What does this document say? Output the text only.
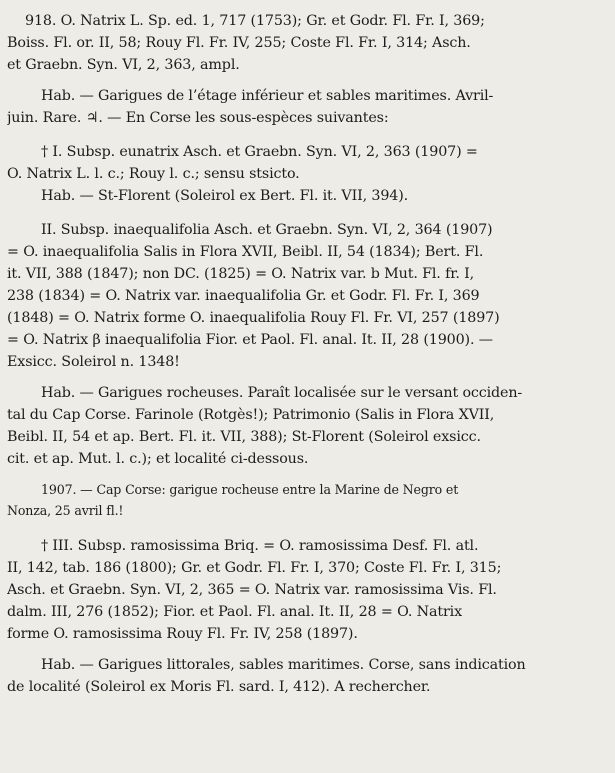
918. O. Natrix L. Sp. ed. 1, 717 (1753); Gr. et Godr. Fl. Fr. I, 369;

Boiss. Fl. or. II, 58; Rouy Fl. Fr. IV, 255; Coste Fl. Fr. I, 314; Asch.

et Graebn. Syn. VI, 2, 363, ampl.

Hab. — Garigues de l’étage inférieur et sables maritimes. Avril-

juin. Rare. ♃. — En Corse les sous-espèces suivantes:

† I. Subsp. eunatrix Asch. et Graebn. Syn. VI, 2, 363 (1907) =

O. Natrix L. l. c.; Rouy l. c.; sensu stsicto.

Hab. — St-Florent (Soleirol ex Bert. Fl. it. VII, 394).

II. Subsp. inaequalifolia Asch. et Graebn. Syn. VI, 2, 364 (1907)

= O. inaequalifolia Salis in Flora XVII, Beibl. II, 54 (1834); Bert. Fl.

it. VII, 388 (1847); non DC. (1825) = O. Natrix var. b Mut. Fl. fr. I,

238 (1834) = O. Natrix var. inaequalifolia Gr. et Godr. Fl. Fr. I, 369

(1848) = O. Natrix forme O. inaequalifolia Rouy Fl. Fr. VI, 257 (1897)

= O. Natrix β inaequalifolia Fior. et Paol. Fl. anal. It. II, 28 (1900). —

Exsicc. Soleirol n. 1348!

Hab. — Garigues rocheuses. Paraît localisée sur le versant occiden-

tal du Cap Corse. Farinole (Rotgès!); Patrimonio (Salis in Flora XVII,

Beibl. II, 54 et ap. Bert. Fl. it. VII, 388); St-Florent (Soleirol exsicc.

cit. et ap. Mut. l. c.); et localité ci-dessous.

1907. — Cap Corse: garigue rocheuse entre la Marine de Negro et

Nonza, 25 avril fl.!

† III. Subsp. ramosissima Briq. = O. ramosissima Desf. Fl. atl.

II, 142, tab. 186 (1800); Gr. et Godr. Fl. Fr. I, 370; Coste Fl. Fr. I, 315;

Asch. et Graebn. Syn. VI, 2, 365 = O. Natrix var. ramosissima Vis. Fl.

dalm. III, 276 (1852); Fior. et Paol. Fl. anal. It. II, 28 = O. Natrix

forme O. ramosissima Rouy Fl. Fr. IV, 258 (1897).

Hab. — Garigues littorales, sables maritimes. Corse, sans indication

de localité (Soleirol ex Moris Fl. sard. I, 412). A rechercher.
